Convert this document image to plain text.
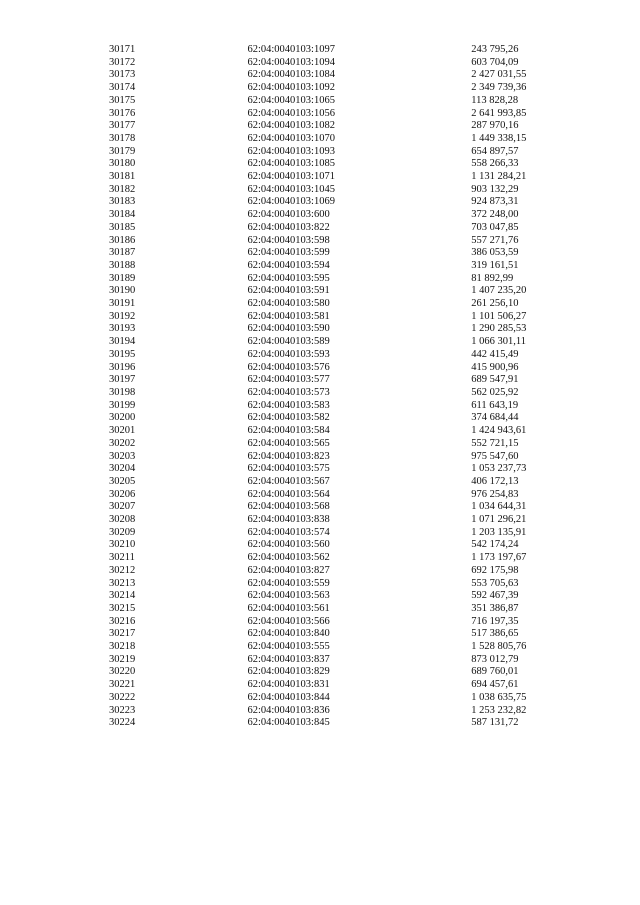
30171	62:04:0040103:1097	243 795,26
30172	62:04:0040103:1094	603 704,09
30173	62:04:0040103:1084	2 427 031,55
30174	62:04:0040103:1092	2 349 739,36
30175	62:04:0040103:1065	113 828,28
30176	62:04:0040103:1056	2 641 993,85
30177	62:04:0040103:1082	287 970,16
30178	62:04:0040103:1070	1 449 338,15
30179	62:04:0040103:1093	654 897,57
30180	62:04:0040103:1085	558 266,33
30181	62:04:0040103:1071	1 131 284,21
30182	62:04:0040103:1045	903 132,29
30183	62:04:0040103:1069	924 873,31
30184	62:04:0040103:600	372 248,00
30185	62:04:0040103:822	703 047,85
30186	62:04:0040103:598	557 271,76
30187	62:04:0040103:599	386 053,59
30188	62:04:0040103:594	319 161,51
30189	62:04:0040103:595	81 892,99
30190	62:04:0040103:591	1 407 235,20
30191	62:04:0040103:580	261 256,10
30192	62:04:0040103:581	1 101 506,27
30193	62:04:0040103:590	1 290 285,53
30194	62:04:0040103:589	1 066 301,11
30195	62:04:0040103:593	442 415,49
30196	62:04:0040103:576	415 900,96
30197	62:04:0040103:577	689 547,91
30198	62:04:0040103:573	562 025,92
30199	62:04:0040103:583	611 643,19
30200	62:04:0040103:582	374 684,44
30201	62:04:0040103:584	1 424 943,61
30202	62:04:0040103:565	552 721,15
30203	62:04:0040103:823	975 547,60
30204	62:04:0040103:575	1 053 237,73
30205	62:04:0040103:567	406 172,13
30206	62:04:0040103:564	976 254,83
30207	62:04:0040103:568	1 034 644,31
30208	62:04:0040103:838	1 071 296,21
30209	62:04:0040103:574	1 203 135,91
30210	62:04:0040103:560	542 174,24
30211	62:04:0040103:562	1 173 197,67
30212	62:04:0040103:827	692 175,98
30213	62:04:0040103:559	553 705,63
30214	62:04:0040103:563	592 467,39
30215	62:04:0040103:561	351 386,87
30216	62:04:0040103:566	716 197,35
30217	62:04:0040103:840	517 386,65
30218	62:04:0040103:555	1 528 805,76
30219	62:04:0040103:837	873 012,79
30220	62:04:0040103:829	689 760,01
30221	62:04:0040103:831	694 457,61
30222	62:04:0040103:844	1 038 635,75
30223	62:04:0040103:836	1 253 232,82
30224	62:04:0040103:845	587 131,72
